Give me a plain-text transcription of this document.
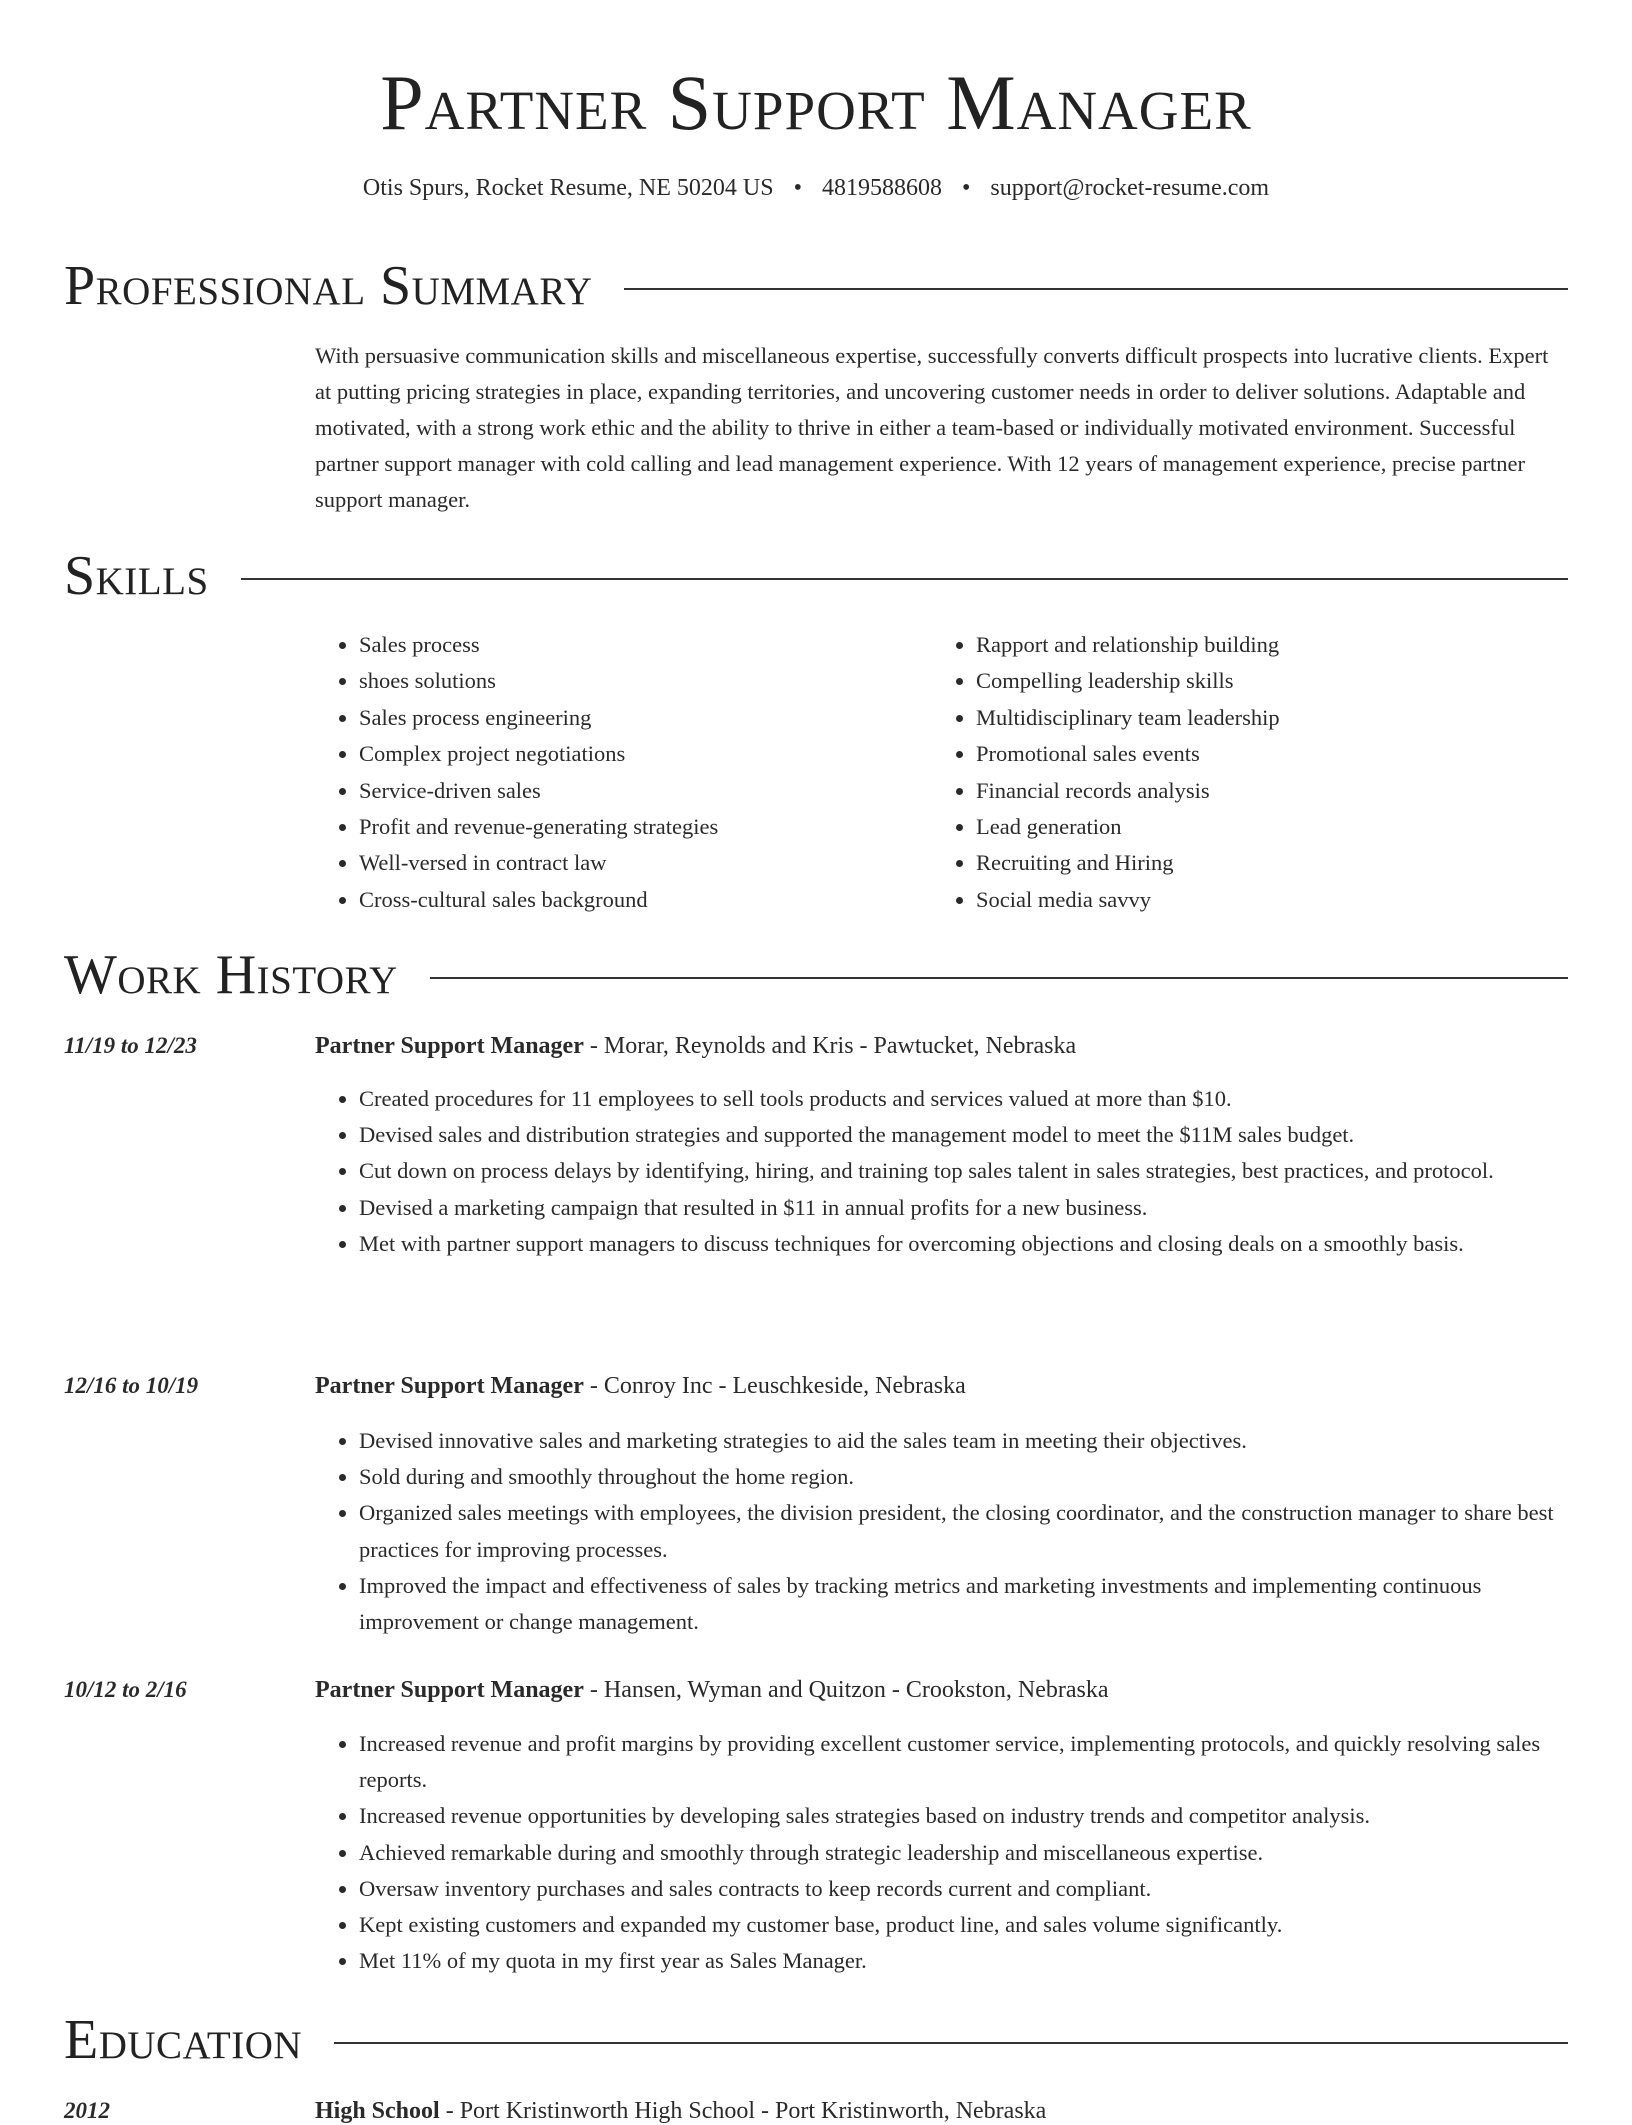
Partner Support Manager
Otis Spurs, Rocket Resume, NE 50204 US • 4819588608 • support@rocket-resume.com
Professional Summary

With persuasive communication skills and miscellaneous expertise, successfully converts difficult prospects into lucrative clients. Expert at putting pricing strategies in place, expanding territories, and uncovering customer needs in order to deliver solutions. Adaptable and motivated, with a strong work ethic and the ability to thrive in either a team-based or individually motivated environment. Successful partner support manager with cold calling and lead management experience. With 12 years of management experience, precise partner support manager.

Skills
• Sales process
• shoes solutions
• Sales process engineering
• Complex project negotiations
• Service-driven sales
• Profit and revenue-generating strategies
• Well-versed in contract law
• Cross-cultural sales background
• Rapport and relationship building
• Compelling leadership skills
• Multidisciplinary team leadership
• Promotional sales events
• Financial records analysis
• Lead generation
• Recruiting and Hiring
• Social media savvy
Work History
11/19 to 12/23	Partner Support Manager - Morar, Reynolds and Kris - Pawtucket, Nebraska
• Created procedures for 11 employees to sell tools products and services valued at more than $10.
• Devised sales and distribution strategies and supported the management model to meet the $11M sales budget.
• Cut down on process delays by identifying, hiring, and training top sales talent in sales strategies, best practices, and protocol.
• Devised a marketing campaign that resulted in $11 in annual profits for a new business.
• Met with partner support managers to discuss techniques for overcoming objections and closing deals on a smoothly basis.
12/16 to 10/19	Partner Support Manager - Conroy Inc - Leuschkeside, Nebraska
• Devised innovative sales and marketing strategies to aid the sales team in meeting their objectives.
• Sold during and smoothly throughout the home region.
• Organized sales meetings with employees, the division president, the closing coordinator, and the construction manager to share best practices for improving processes.
• Improved the impact and effectiveness of sales by tracking metrics and marketing investments and implementing continuous improvement or change management.
10/12 to 2/16	Partner Support Manager - Hansen, Wyman and Quitzon - Crookston, Nebraska
• Increased revenue and profit margins by providing excellent customer service, implementing protocols, and quickly resolving sales reports.
• Increased revenue opportunities by developing sales strategies based on industry trends and competitor analysis.
• Achieved remarkable during and smoothly through strategic leadership and miscellaneous expertise.
• Oversaw inventory purchases and sales contracts to keep records current and compliant.
• Kept existing customers and expanded my customer base, product line, and sales volume significantly.
• Met 11% of my quota in my first year as Sales Manager.
Education
2012	High School - Port Kristinworth High School - Port Kristinworth, Nebraska
